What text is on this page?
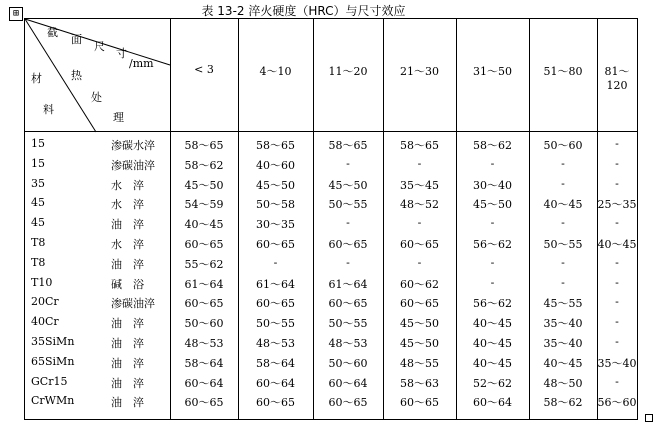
表 13-2 淬火硬度（HRC）与尺寸效应
⊞
截
面
尺
寸
/mm
材
料
热
处
理
< 3	4～10	11～20	21～30	31～50	51～80	81～120
15	渗碳水淬	58～65	58～65	58～65	58～65	58～62	50～60	-
15	渗碳油淬	58～62	40～60	-	-	-	-	-
35	水　淬	45～50	45～50	45～50	35～45	30～40	-	-
45	水　淬	54～59	50～58	50～55	48～52	45～50	40～45	25～35
45	油　淬	40～45	30～35	-	-	-	-	-
T8	水　淬	60～65	60～65	60～65	60～65	56～62	50～55	40～45
T8	油　淬	55～62	-	-	-	-	-	-
T10	碱　浴	61～64	61～64	61～64	60～62	-	-	-
20Cr	渗碳油淬	60～65	60～65	60～65	60～65	56～62	45～55	-
40Cr	油　淬	50～60	50～55	50～55	45～50	40～45	35～40	-
35SiMn	油　淬	48～53	48～53	48～53	45～50	40～45	35～40	-
65SiMn	油　淬	58～64	58～64	50～60	48～55	40～45	40～45	35～40
GCr15	油　淬	60～64	60～64	60～64	58～63	52～62	48～50	-
CrWMn	油　淬	60～65	60～65	60～65	60～65	60～64	58～62	56～60
